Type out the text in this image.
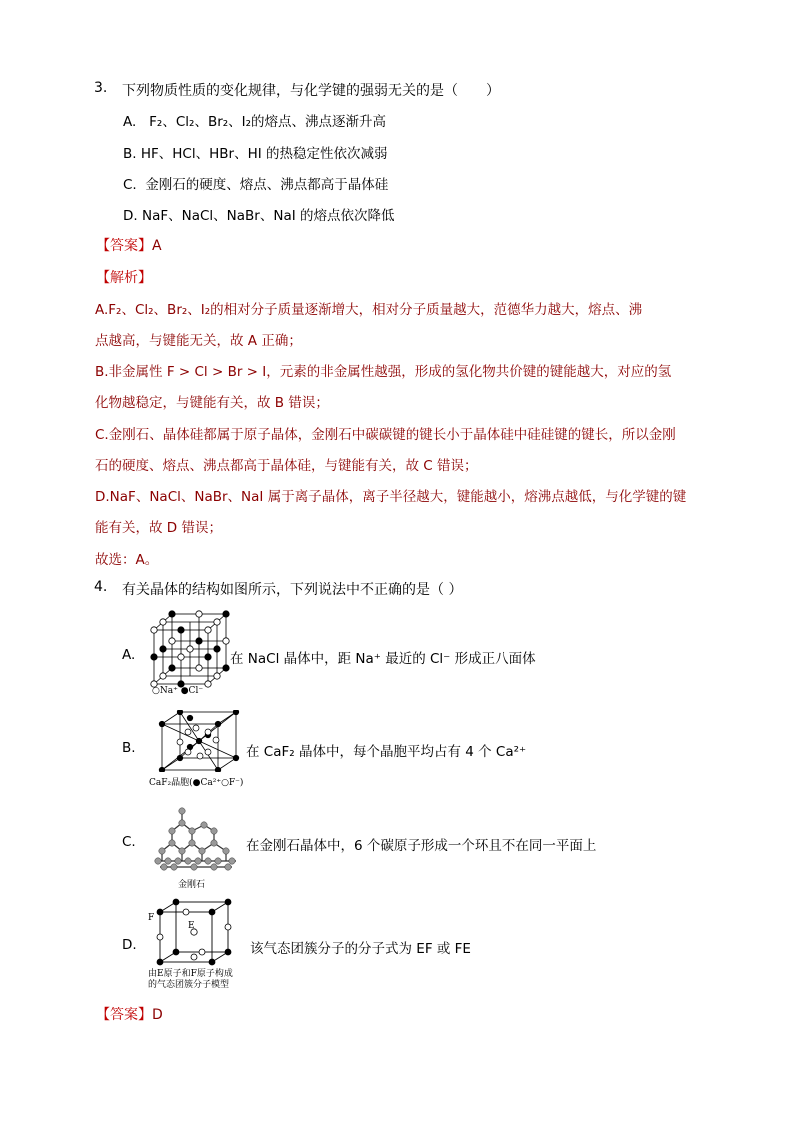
3. 下列物质性质的变化规律，与化学键的强弱无关的是（　　）
A. F₂、Cl₂、Br₂、I₂的熔点、沸点逐渐升高
B. HF、HCl、HBr、HI 的热稳定性依次减弱
C. 金刚石的硬度、熔点、沸点都高于晶体硅
D. NaF、NaCl、NaBr、NaI 的熔点依次降低
【答案】A
【解析】
A.F₂、Cl₂、Br₂、I₂的相对分子质量逐渐增大，相对分子质量越大，范德华力越大，熔点、沸
点越高，与键能无关，故 A 正确；
B.非金属性 F > Cl > Br > I，元素的非金属性越强，形成的氢化物共价键的键能越大，对应的氢
化物越稳定，与键能有关，故 B 错误；
C.金刚石、晶体硅都属于原子晶体，金刚石中碳碳键的键长小于晶体硅中硅硅键的键长，所以金刚
石的硬度、熔点、沸点都高于晶体硅，与键能有关，故 C 错误；
D.NaF、NaCl、NaBr、NaI 属于离子晶体，离子半径越大，键能越小，熔沸点越低，与化学键的键
能有关，故 D 错误；
故选：A。
4. 有关晶体的结构如图所示，下列说法中不正确的是（ ）
A.
○Na⁺ ●Cl⁻
在 NaCl 晶体中，距 Na⁺ 最近的 Cl⁻ 形成正八面体
B.
CaF₂晶胞(●Ca²⁺○F⁻)
在 CaF₂ 晶体中，每个晶胞平均占有 4 个 Ca²⁺
C.
金刚石
在金刚石晶体中，6 个碳原子形成一个环且不在同一平面上
D.
F
E
由E原子和F原子构成
的气态团簇分子模型
该气态团簇分子的分子式为 EF 或 FE
【答案】D
